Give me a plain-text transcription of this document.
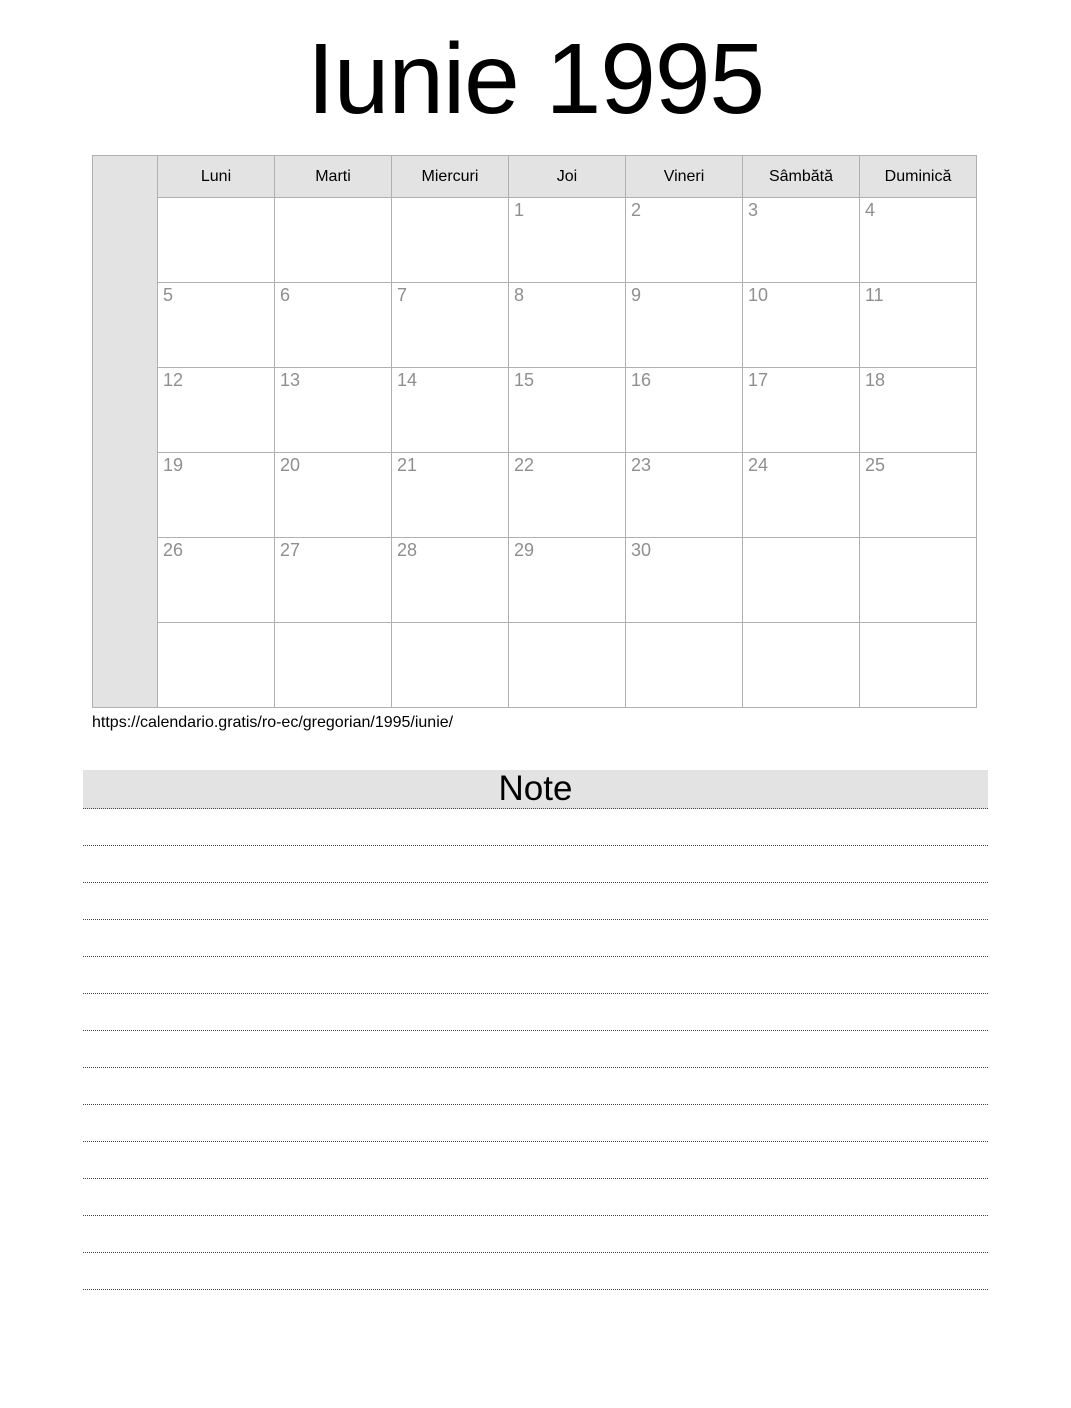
Iunie 1995
	Luni	Marti	Miercuri	Joi	Vineri	Sâmbătă	Duminică

				1	2	3	4

	5	6	7	8	9	10	11

	12	13	14	15	16	17	18

	19	20	21	22	23	24	25

	26	27	28	29	30		

https://calendario.gratis/ro-ec/gregorian/1995/iunie/

Note
